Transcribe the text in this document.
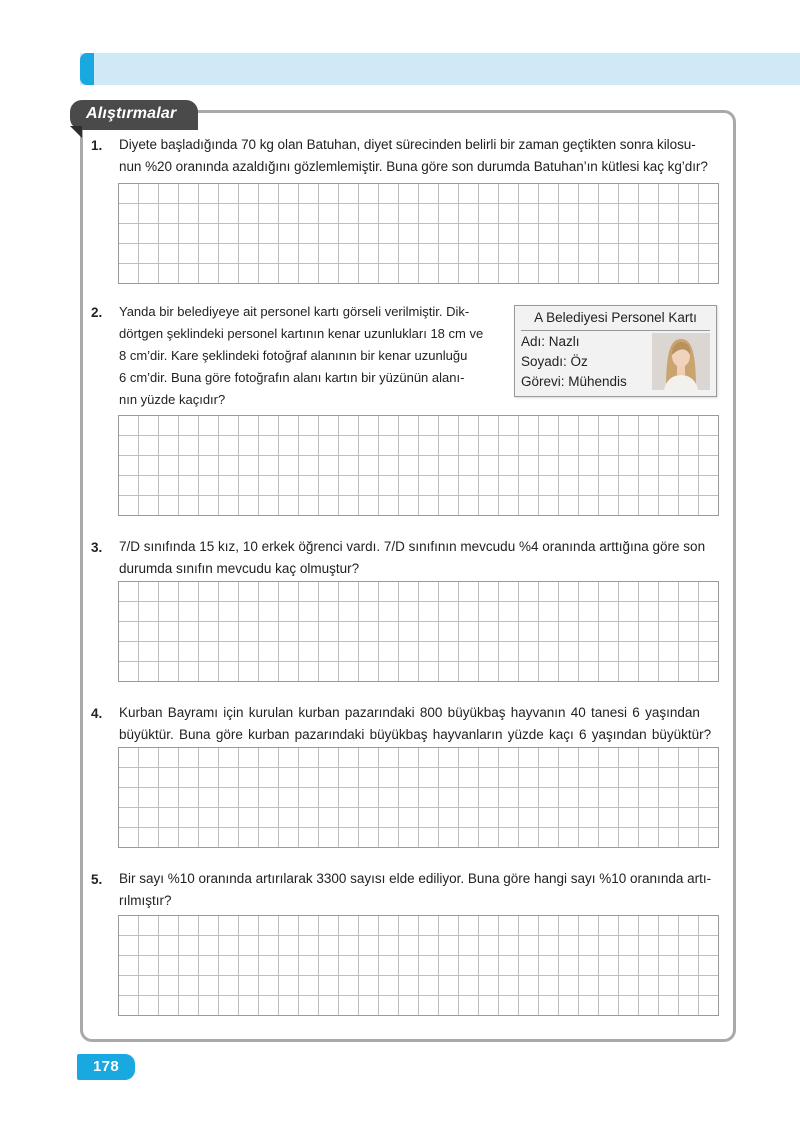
Alıştırmalar
1. Diyete başladığında 70 kg olan Batuhan, diyet sürecinden belirli bir zaman geçtikten sonra kilosu-
nun %20 oranında azaldığını gözlemlemiştir. Buna göre son durumda Batuhan’ın kütlesi kaç kg’dır?
2. Yanda bir belediyeye ait personel kartı görseli verilmiştir. Dik-
dörtgen şeklindeki personel kartının kenar uzunlukları 18 cm ve
8 cm’dir. Kare şeklindeki fotoğraf alanının bir kenar uzunluğu
6 cm’dir. Buna göre fotoğrafın alanı kartın bir yüzünün alanı-
nın yüzde kaçıdır?
A Belediyesi Personel Kartı
Adı: Nazlı
Soyadı: Öz
Görevi: Mühendis
3. 7/D sınıfında 15 kız, 10 erkek öğrenci vardı. 7/D sınıfının mevcudu %4 oranında arttığına göre son
durumda sınıfın mevcudu kaç olmuştur?
4. Kurban Bayramı için kurulan kurban pazarındaki 800 büyükbaş hayvanın 40 tanesi 6 yaşından
büyüktür. Buna göre kurban pazarındaki büyükbaş hayvanların yüzde kaçı 6 yaşından büyüktür?
5. Bir sayı %10 oranında artırılarak 3300 sayısı elde ediliyor. Buna göre hangi sayı %10 oranında artı-
rılmıştır?
178
